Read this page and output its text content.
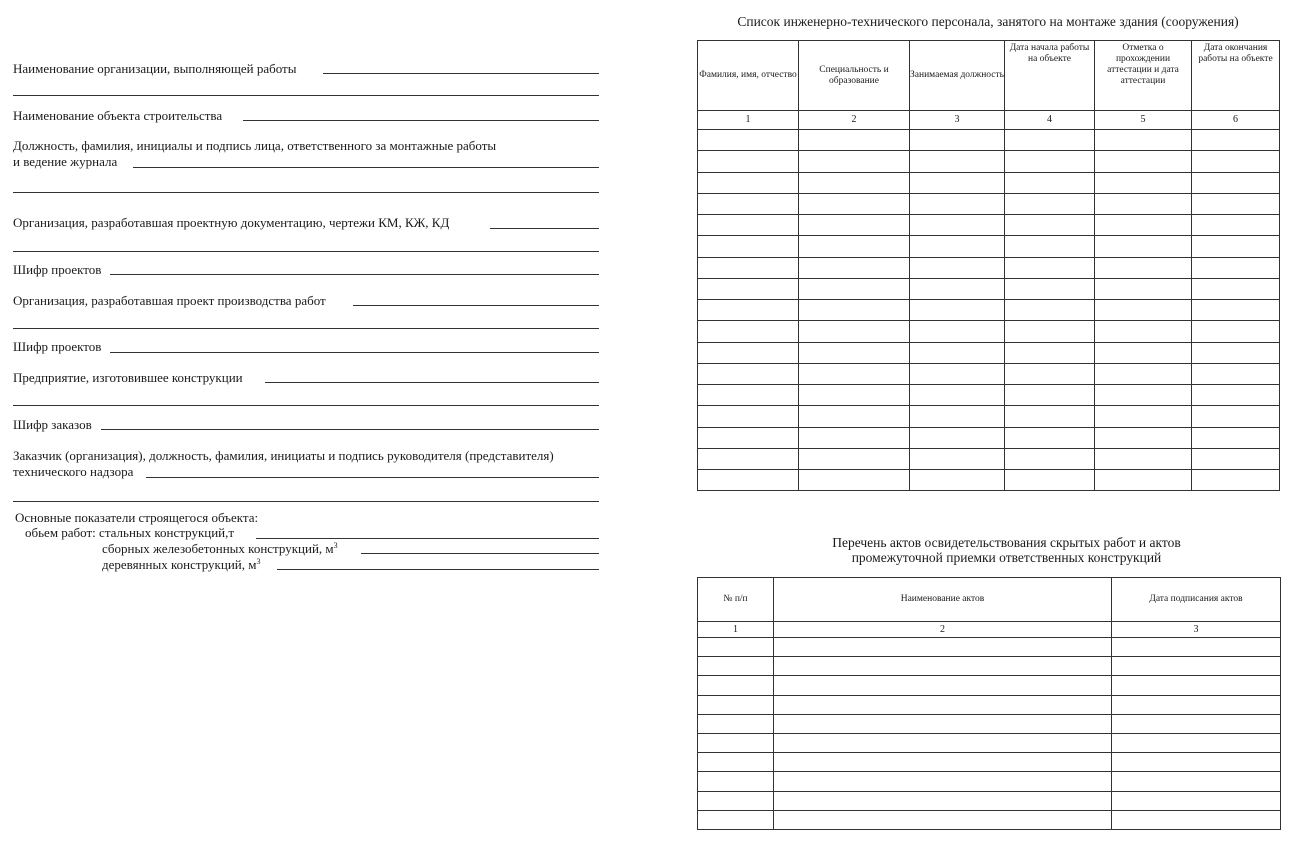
Наименование организации, выполняющей работы
Наименование объекта строительства
Должность, фамилия, инициалы и подпись лица, ответственного за монтажные работы
и ведение журнала
Организация, разработавшая проектную документацию, чертежи КМ, КЖ, КД
Шифр проектов
Организация, разработавшая проект производства работ
Шифр проектов
Предприятие, изготовившее конструкции
Шифр заказов
Заказчик (организация), должность, фамилия, инициаты и подпись руководителя (представителя)
технического надзора
Основные показатели строящегося объекта:
обьем работ: стальных конструкций,т
сборных железобетонных конструкций, $м^3$
деревянных конструкций, $м^3$
Список инженерно-технического персонала, занятого на монтаже здания (сооружения)
Фамилия, имя, отчество	Специальность и образование	Занимаемая должность	Дата начала работы на объекте	Отметка о прохождении аттестации и дата аттестации	Дата окончания работы на объекте
1	2	3	4	5	6

Перечень актов освидетельствования скрытых работ и актов
промежуточной приемки ответственных конструкций
№ п/п	Наименование актов	Дата подписания актов
1	2	3
